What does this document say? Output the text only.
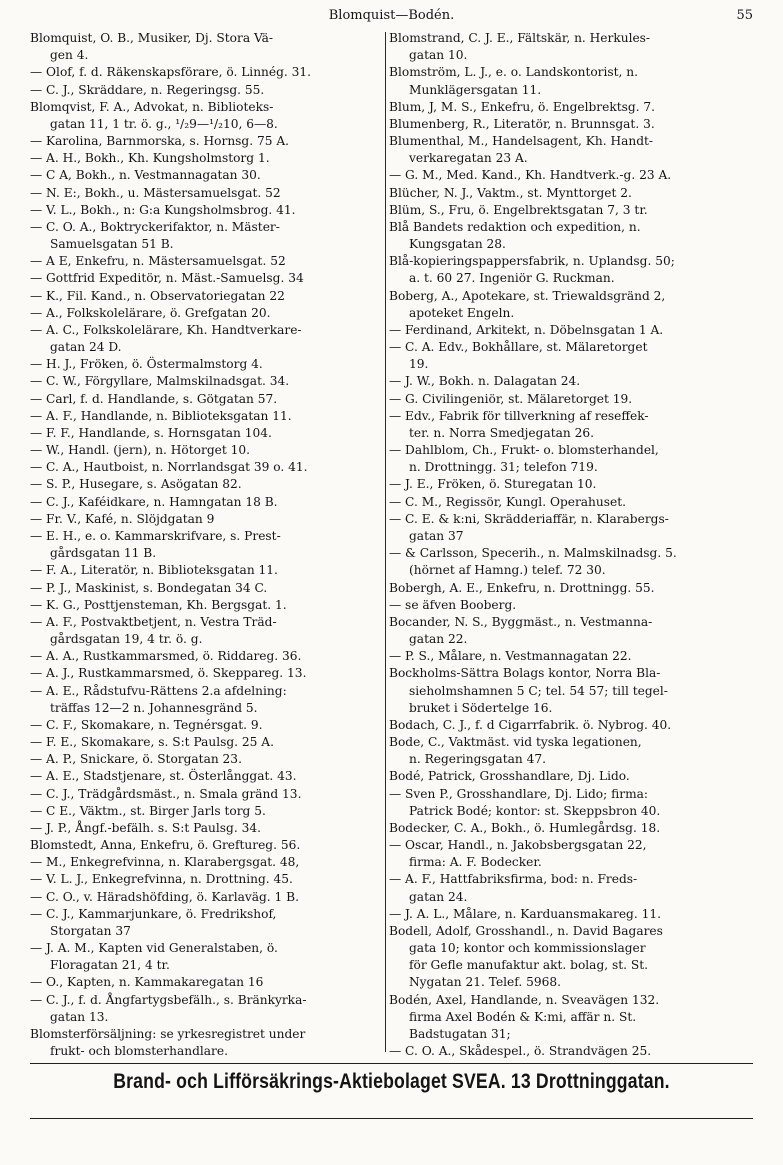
Blomquist—Bodén.	55
Blomquist, O. B., Musiker, Dj. Stora Vä-
gen 4.
— Olof, f. d. Räkenskapsförare, ö. Linnég. 31.
— C. J., Skräddare, n. Regeringsg. 55.
Blomqvist, F. A., Advokat, n. Biblioteks-
gatan 11, 1 tr. ö. g., ¹/₂9—¹/₂10, 6—8.
— Karolina, Barnmorska, s. Hornsg. 75 A.
— A. H., Bokh., Kh. Kungsholmstorg 1.
— C A, Bokh., n. Vestmannagatan 30.
— N. E:, Bokh., u. Mästersamuelsgat. 52
— V. L., Bokh., n: G:a Kungsholmsbrog. 41.
— C. O. A., Boktryckerifaktor, n. Mäster-
Samuelsgatan 51 B.
— A E, Enkefru, n. Mästersamuelsgat. 52
— Gottfrid Expeditör, n. Mäst.-Samuelsg. 34
— K., Fil. Kand., n. Observatoriegatan 22
— A., Folkskolelärare, ö. Grefgatan 20.
— A. C., Folkskolelärare, Kh. Handtverkare-
gatan 24 D.
— H. J., Fröken, ö. Östermalmstorg 4.
— C. W., Förgyllare, Malmskilnadsgat. 34.
— Carl, f. d. Handlande, s. Götgatan 57.
— A. F., Handlande, n. Biblioteksgatan 11.
— F. F., Handlande, s. Hornsgatan 104.
— W., Handl. (jern), n. Hötorget 10.
— C. A., Hautboist, n. Norrlandsgat 39 o. 41.
— S. P., Husegare, s. Asögatan 82.
— C. J., Kaféidkare, n. Hamngatan 18 B.
— Fr. V., Kafé, n. Slöjdgatan 9
— E. H., e. o. Kammarskrifvare, s. Prest-
gårdsgatan 11 B.
— F. A., Literatör, n. Biblioteksgatan 11.
— P. J., Maskinist, s. Bondegatan 34 C.
— K. G., Posttjensteman, Kh. Bergsgat. 1.
— A. F., Postvaktbetjent, n. Vestra Träd-
gårdsgatan 19, 4 tr. ö. g.
— A. A., Rustkammarsmed, ö. Riddareg. 36.
— A. J., Rustkammarsmed, ö. Skeppareg. 13.
— A. E., Rådstufvu-Rättens 2.a afdelning:
träffas 12—2 n. Johannesgränd 5.
— C. F., Skomakare, n. Tegnérsgat. 9.
— F. E., Skomakare, s. S:t Paulsg. 25 A.
— A. P., Snickare, ö. Storgatan 23.
— A. E., Stadstjenare, st. Österlånggat. 43.
— C. J., Trädgårdsmäst., n. Smala gränd 13.
— C E., Väktm., st. Birger Jarls torg 5.
— J. P., Ångf.-befälh. s. S:t Paulsg. 34.
Blomstedt, Anna, Enkefru, ö. Greftureg. 56.
— M., Enkegrefvinna, n. Klarabergsgat. 48,
— V. L. J., Enkegrefvinna, n. Drottning. 45.
— C. O., v. Häradshöfding, ö. Karlaväg. 1 B.
— C. J., Kammarjunkare, ö. Fredrikshof,
Storgatan 37
— J. A. M., Kapten vid Generalstaben, ö.
Floragatan 21, 4 tr.
— O., Kapten, n. Kammakaregatan 16
— C. J., f. d. Ångfartygsbefälh., s. Bränkyrka-
gatan 13.
Blomsterförsäljning: se yrkesregistret under
frukt- och blomsterhandlare.
Blomstrand, C. J. E., Fältskär, n. Herkules-
gatan 10.
Blomström, L. J., e. o. Landskontorist, n.
Munklägersgatan 11.
Blum, J, M. S., Enkefru, ö. Engelbrektsg. 7.
Blumenberg, R., Literatör, n. Brunnsgat. 3.
Blumenthal, M., Handelsagent, Kh. Handt-
verkaregatan 23 A.
— G. M., Med. Kand., Kh. Handtverk.-g. 23 A.
Blücher, N. J., Vaktm., st. Mynttorget 2.
Blüm, S., Fru, ö. Engelbrektsgatan 7, 3 tr.
Blå Bandets redaktion och expedition, n.
Kungsgatan 28.
Blå-kopieringspappersfabrik, n. Uplandsg. 50;
a. t. 60 27. Ingeniör G. Ruckman.
Boberg, A., Apotekare, st. Triewaldsgränd 2,
apoteket Engeln.
— Ferdinand, Arkitekt, n. Döbelnsgatan 1 A.
— C. A. Edv., Bokhållare, st. Mälaretorget
19.
— J. W., Bokh. n. Dalagatan 24.
— G. Civilingeniör, st. Mälaretorget 19.
— Edv., Fabrik för tillverkning af reseffek-
ter. n. Norra Smedjegatan 26.
— Dahlblom, Ch., Frukt- o. blomsterhandel,
n. Drottningg. 31; telefon 719.
— J. E., Fröken, ö. Sturegatan 10.
— C. M., Regissör, Kungl. Operahuset.
— C. E. & k:ni, Skrädderiaffär, n. Klarabergs-
gatan 37
— & Carlsson, Specerih., n. Malmskilnadsg. 5.
(hörnet af Hamng.) telef. 72 30.
Bobergh, A. E., Enkefru, n. Drottningg. 55.
— se äfven Booberg.
Bocander, N. S., Byggmäst., n. Vestmanna-
gatan 22.
— P. S., Målare, n. Vestmannagatan 22.
Bockholms-Sättra Bolags kontor, Norra Bla-
sieholmshamnen 5 C; tel. 54 57; till tegel-
bruket i Södertelge 16.
Bodach, C. J., f. d Cigarrfabrik. ö. Nybrog. 40.
Bode, C., Vaktmäst. vid tyska legationen,
n. Regeringsgatan 47.
Bodé, Patrick, Grosshandlare, Dj. Lido.
— Sven P., Grosshandlare, Dj. Lido; firma:
Patrick Bodé; kontor: st. Skeppsbron 40.
Bodecker, C. A., Bokh., ö. Humlegårdsg. 18.
— Oscar, Handl., n. Jakobsbergsgatan 22,
firma: A. F. Bodecker.
— A. F., Hattfabriksfirma, bod: n. Freds-
gatan 24.
— J. A. L., Målare, n. Karduansmakareg. 11.
Bodell, Adolf, Grosshandl., n. David Bagares
gata 10; kontor och kommissionslager
för Gefle manufaktur akt. bolag, st. St.
Nygatan 21. Telef. 5968.
Bodén, Axel, Handlande, n. Sveavägen 132.
firma Axel Bodén & K:mi, affär n. St.
Badstugatan 31;
— C. O. A., Skådespel., ö. Strandvägen 25.
Brand- och Lifförsäkrings-Aktiebolaget SVEA. 13 Drottninggatan.
